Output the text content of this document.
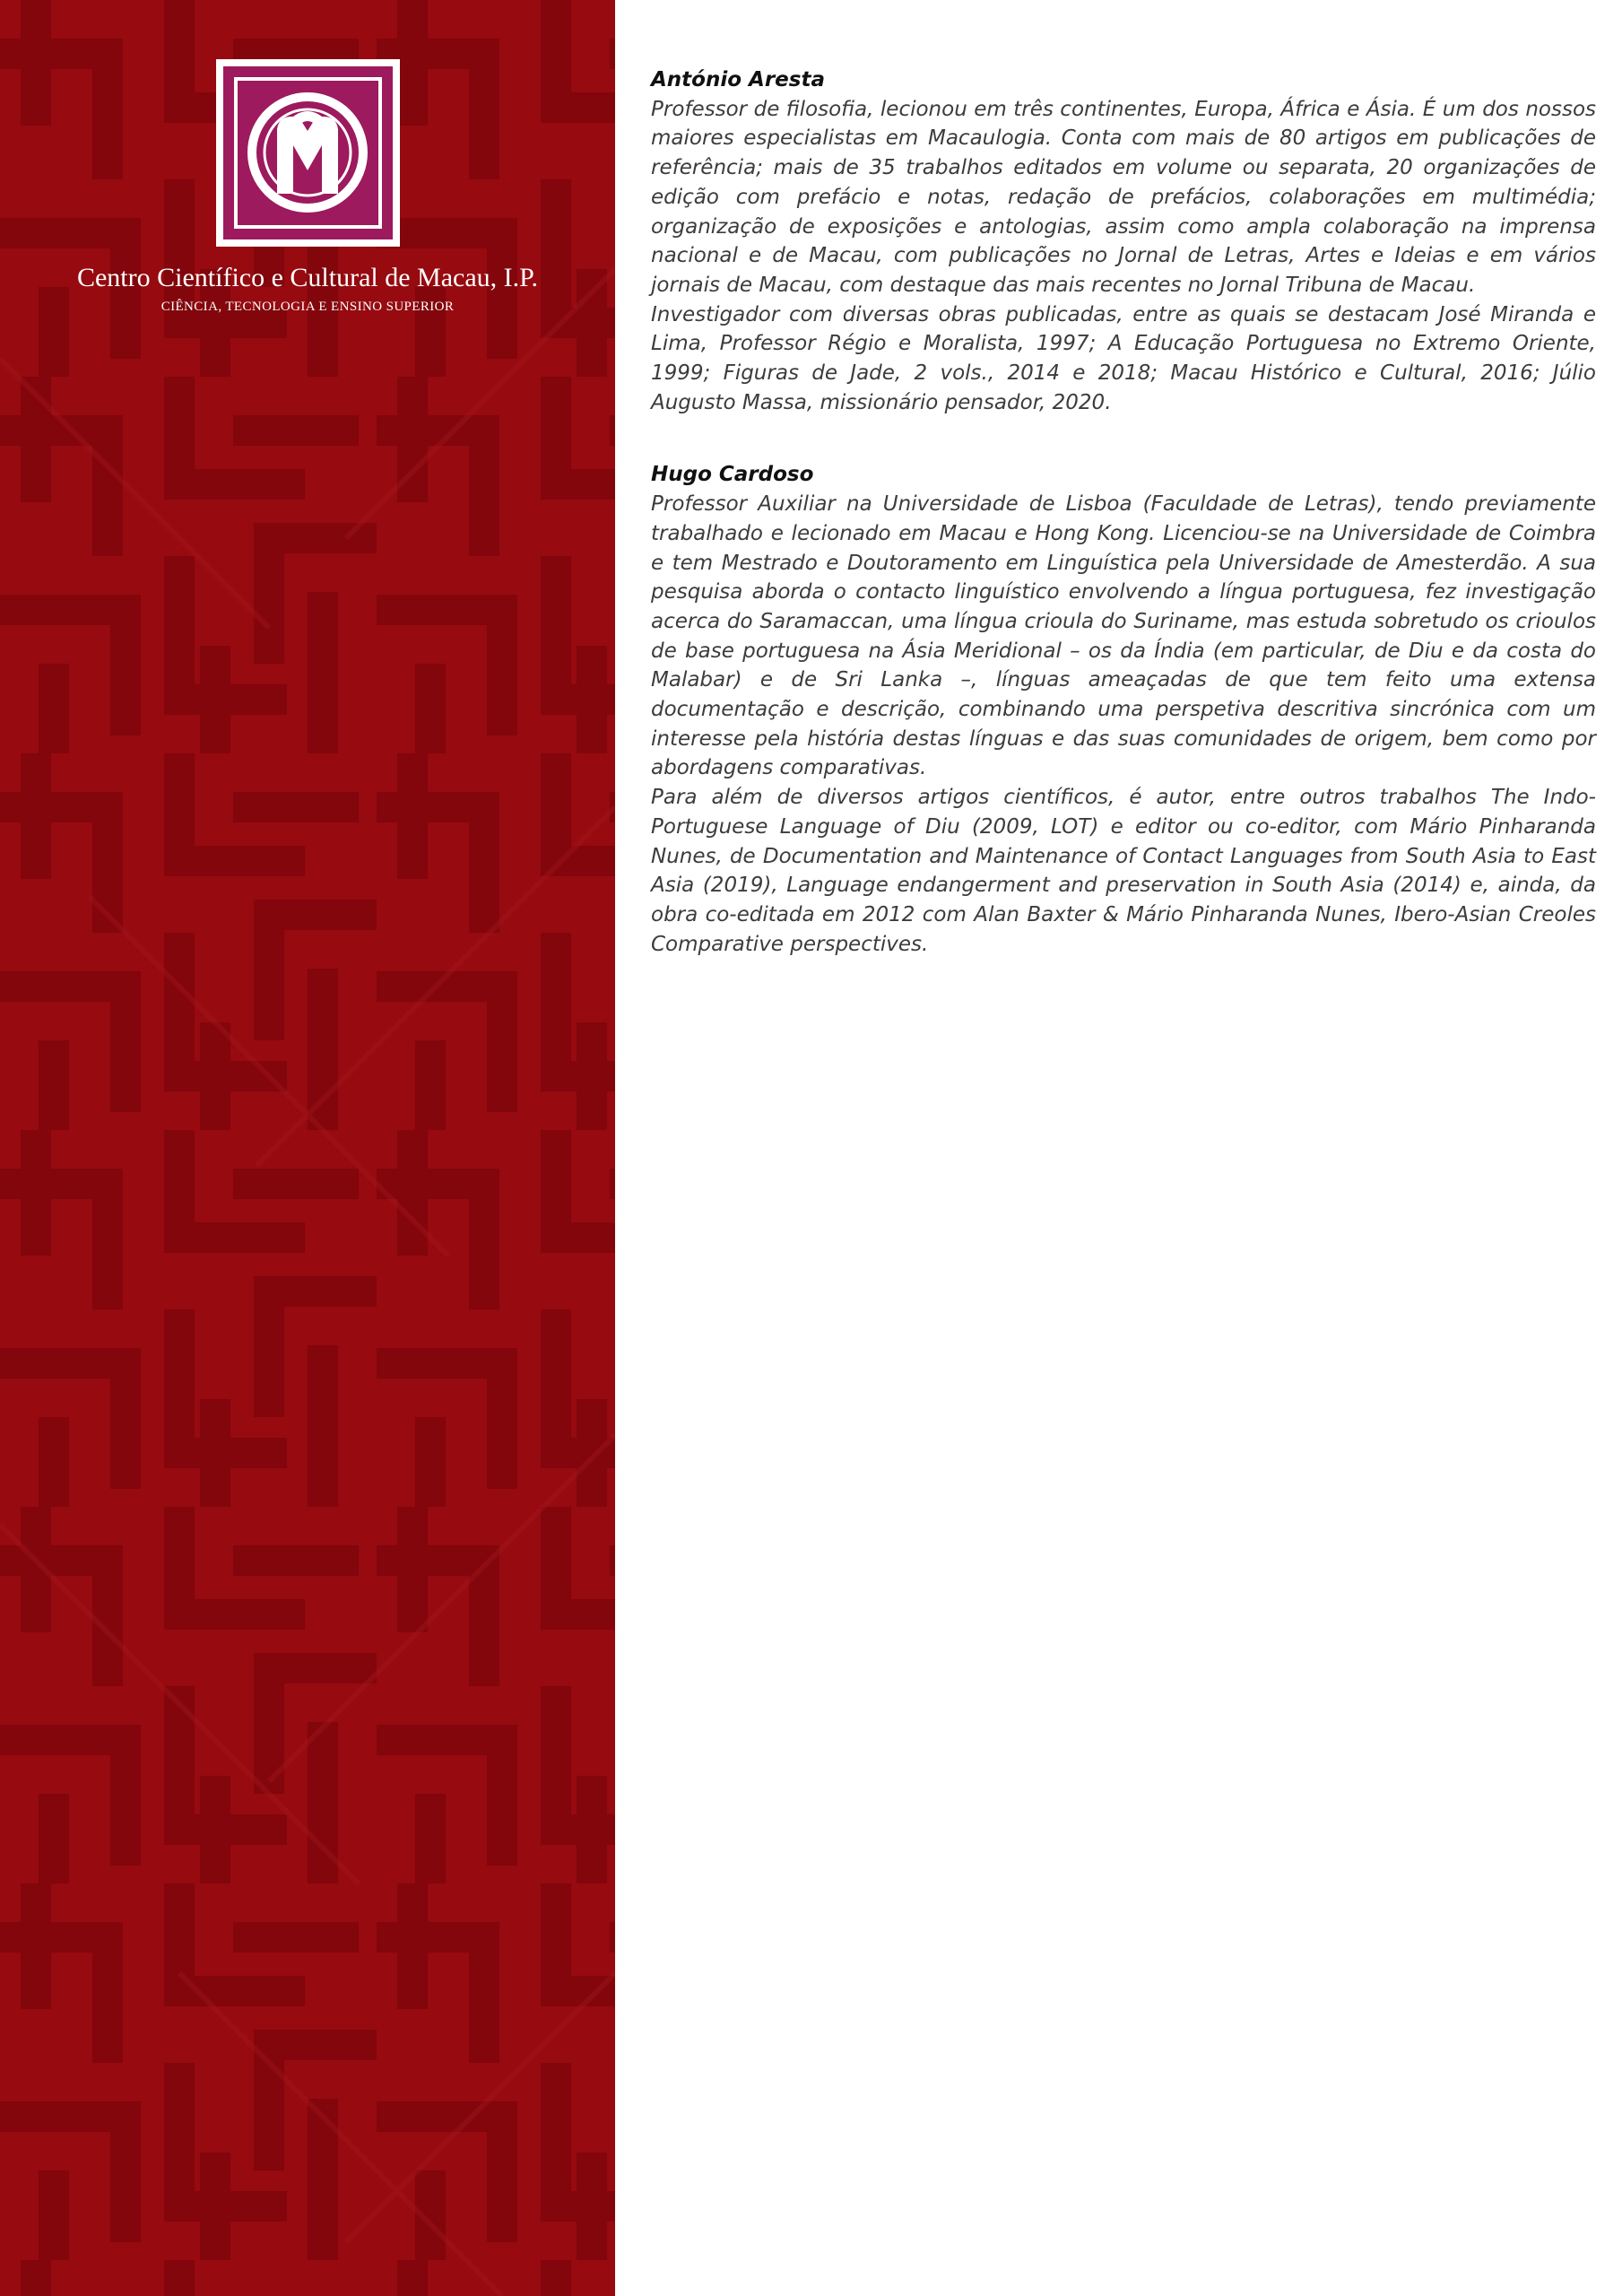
Centro Científico e Cultural de Macau, I.P.
CIÊNCIA, TECNOLOGIA E ENSINO SUPERIOR
António Aresta

Professor de filosofia, lecionou em três continentes, Europa, África e Ásia. É um dos nossos maiores especialistas em Macaulogia. Conta com mais de 80 artigos em publicações de referência; mais de 35 trabalhos editados em volume ou separata, 20 organizações de edição com prefácio e notas, redação de prefácios, colaborações em multimédia; organização de exposições e antologias, assim como ampla colaboração na imprensa nacional e de Macau, com publicações no Jornal de Letras, Artes e Ideias e em vários jornais de Macau, com destaque das mais recentes no Jornal Tribuna de Macau.

Investigador com diversas obras publicadas, entre as quais se destacam José Miranda e Lima, Professor Régio e Moralista, 1997; A Educação Portuguesa no Extremo Oriente, 1999; Figuras de Jade, 2 vols., 2014 e 2018; Macau Histórico e Cultural, 2016; Júlio Augusto Massa, missionário pensador, 2020.

Hugo Cardoso

Professor Auxiliar na Universidade de Lisboa (Faculdade de Letras), tendo previamente trabalhado e lecionado em Macau e Hong Kong. Licenciou-se na Universidade de Coimbra e tem Mestrado e Doutoramento em Linguística pela Universidade de Amesterdão. A sua pesquisa aborda o contacto linguístico envolvendo a língua portuguesa, fez investigação acerca do Saramaccan, uma língua crioula do Suriname, mas estuda sobretudo os crioulos de base portuguesa na Ásia Meridional – os da Índia (em particular, de Diu e da costa do Malabar) e de Sri Lanka –, línguas ameaçadas de que tem feito uma extensa documentação e descrição, combinando uma perspetiva descritiva sincrónica com um interesse pela história destas línguas e das suas comunidades de origem, bem como por abordagens comparativas.

Para além de diversos artigos científicos, é autor, entre outros trabalhos The Indo-Portuguese Language of Diu (2009, LOT) e editor ou co-editor, com Mário Pinharanda Nunes, de Documentation and Maintenance of Contact Languages from South Asia to East Asia (2019), Language endangerment and preservation in South Asia (2014) e, ainda, da obra co-editada em 2012 com Alan Baxter & Mário Pinharanda Nunes, Ibero-Asian Creoles Comparative perspectives.
